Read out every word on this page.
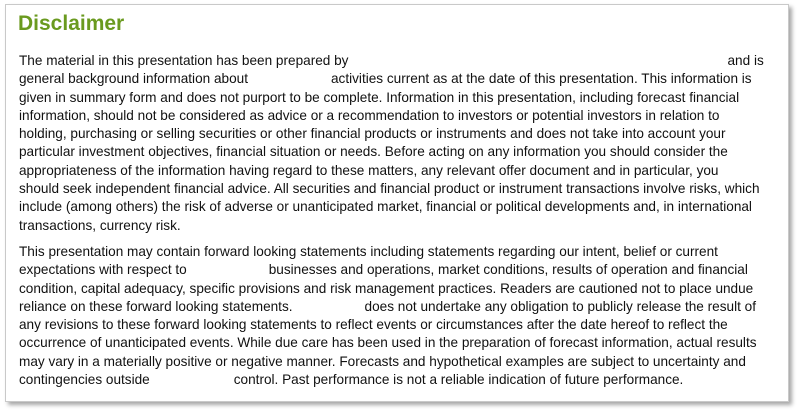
Disclaimer
The material in this presentation has been prepared by	and is
general background information about	activities current as at the date of this presentation. This information is
given in summary form and does not purport to be complete. Information in this presentation, including forecast financial
information, should not be considered as advice or a recommendation to investors or potential investors in relation to
holding, purchasing or selling securities or other financial products or instruments and does not take into account your
particular investment objectives, financial situation or needs. Before acting on any information you should consider the
appropriateness of the information having regard to these matters, any relevant offer document and in particular, you
should seek independent financial advice. All securities and financial product or instrument transactions involve risks, which
include (among others) the risk of adverse or unanticipated market, financial or political developments and, in international
transactions, currency risk.
This presentation may contain forward looking statements including statements regarding our intent, belief or current
expectations with respect to	businesses and operations, market conditions, results of operation and financial
condition, capital adequacy, specific provisions and risk management practices. Readers are cautioned not to place undue
reliance on these forward looking statements.	does not undertake any obligation to publicly release the result of
any revisions to these forward looking statements to reflect events or circumstances after the date hereof to reflect the
occurrence of unanticipated events. While due care has been used in the preparation of forecast information, actual results
may vary in a materially positive or negative manner. Forecasts and hypothetical examples are subject to uncertainty and
contingencies outside	control. Past performance is not a reliable indication of future performance.
